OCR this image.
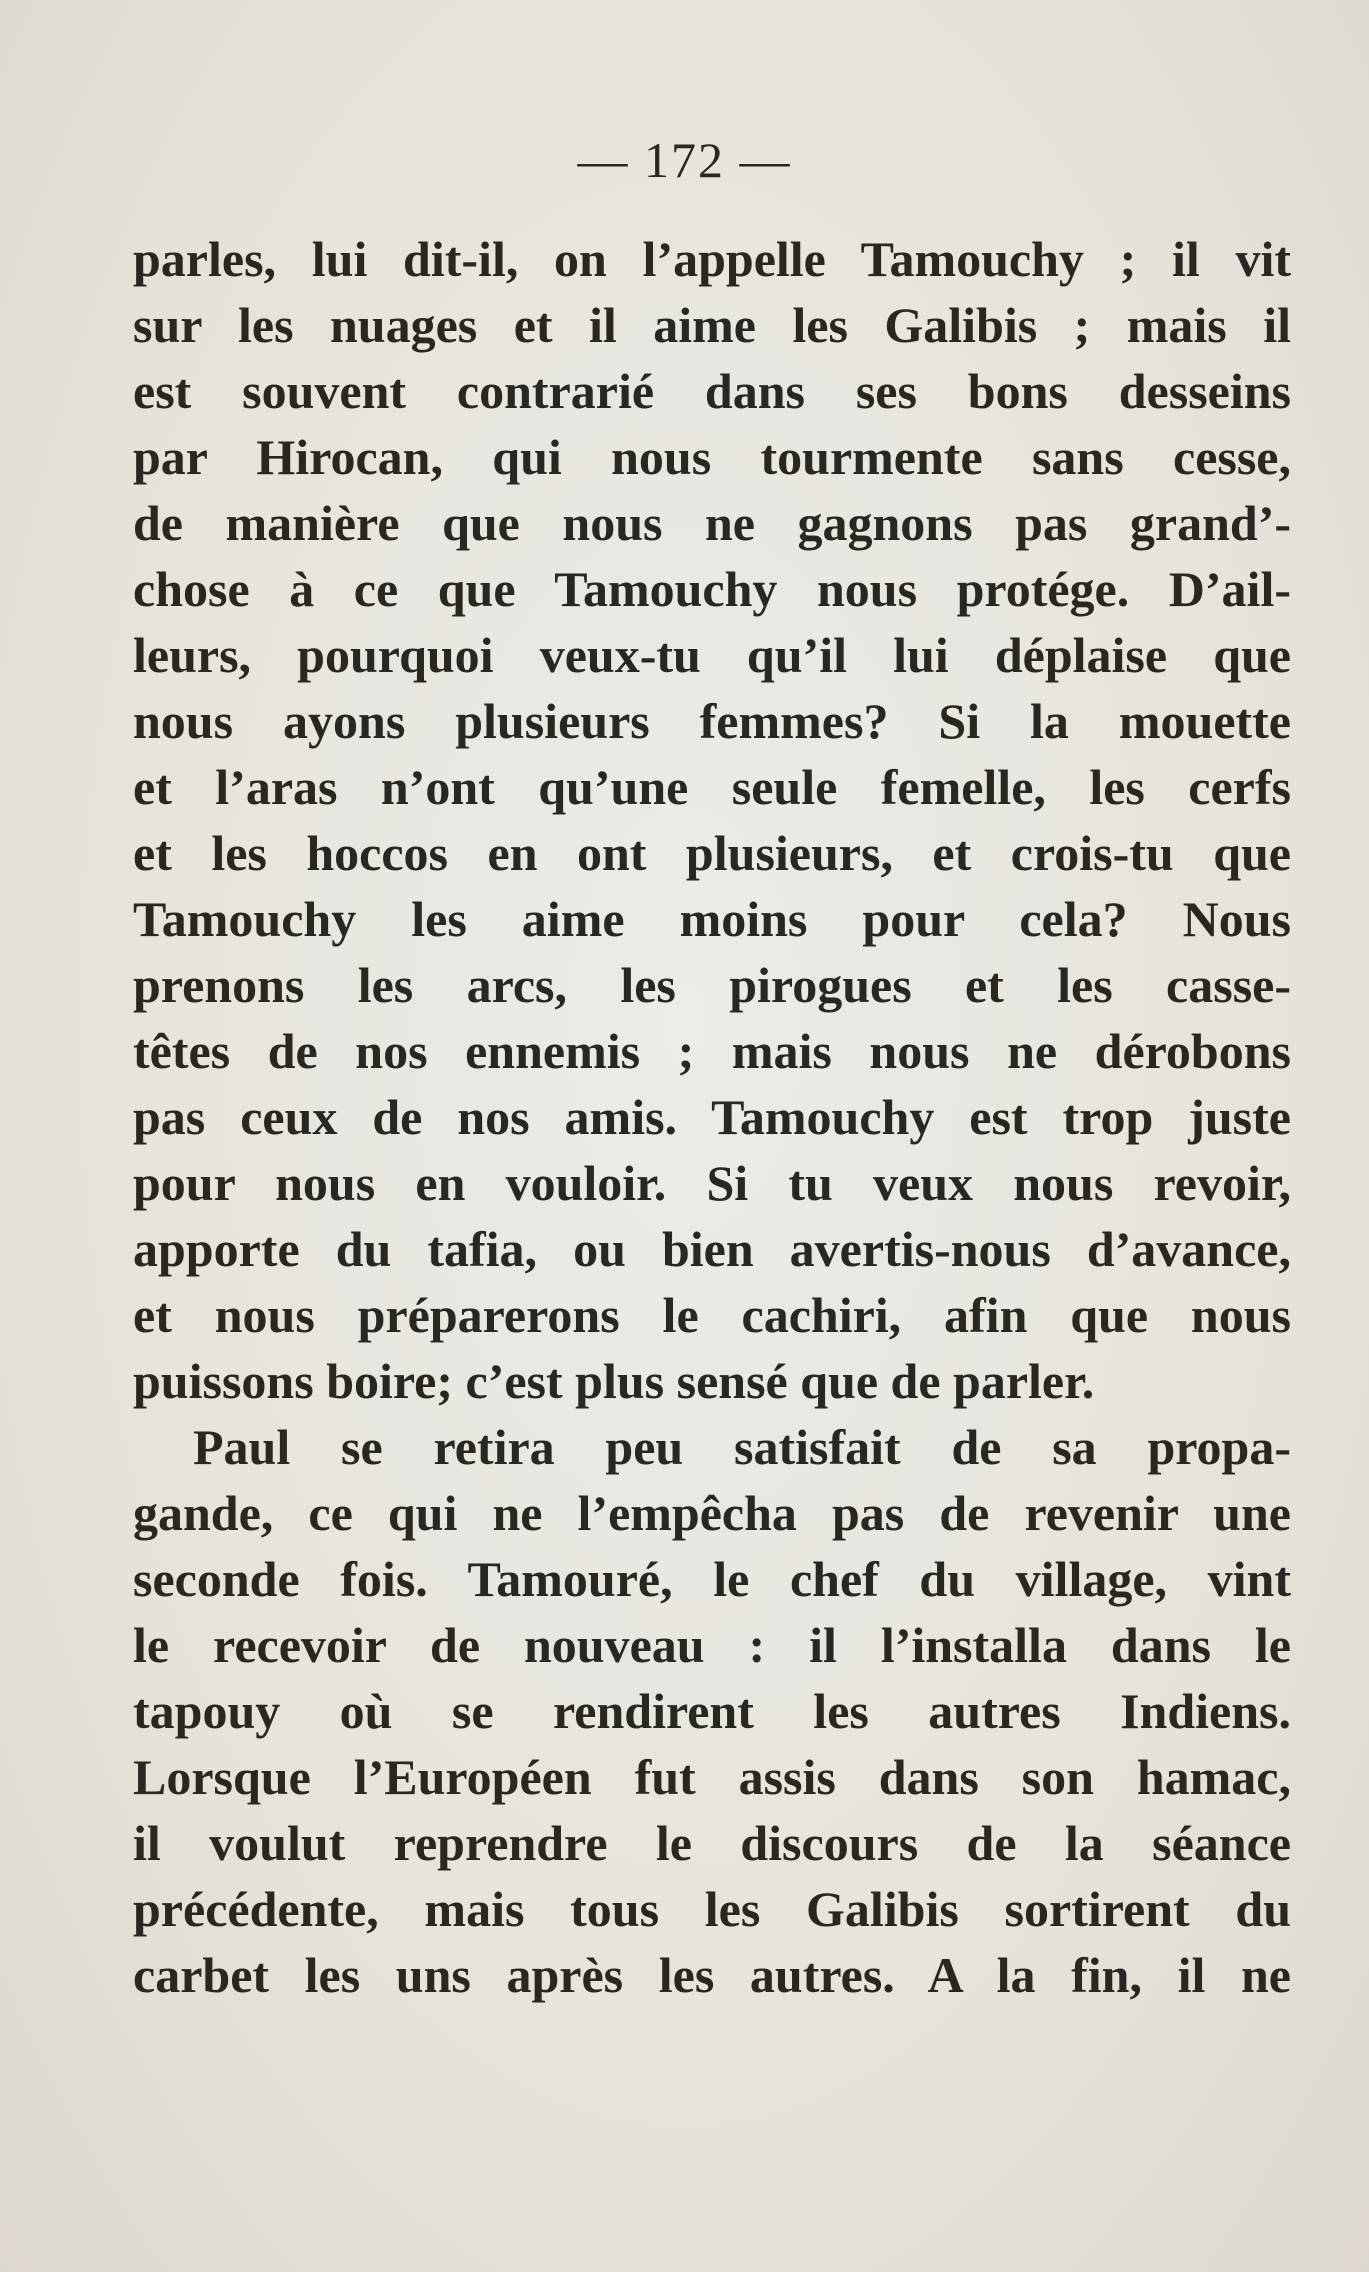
— 172 —
parles, lui dit-il, on l’appelle Tamouchy ; il vit
sur les nuages et il aime les Galibis ; mais il
est souvent contrarié dans ses bons desseins
par Hirocan, qui nous tourmente sans cesse,
de manière que nous ne gagnons pas grand’-
chose à ce que Tamouchy nous protége. D’ail-
leurs, pourquoi veux-tu qu’il lui déplaise que
nous ayons plusieurs femmes? Si la mouette
et l’aras n’ont qu’une seule femelle, les cerfs
et les hoccos en ont plusieurs, et crois-tu que
Tamouchy les aime moins pour cela? Nous
prenons les arcs, les pirogues et les casse-
têtes de nos ennemis ; mais nous ne dérobons
pas ceux de nos amis. Tamouchy est trop juste
pour nous en vouloir. Si tu veux nous revoir,
apporte du tafia, ou bien avertis-nous d’avance,
et nous préparerons le cachiri, afin que nous
puissons boire; c’est plus sensé que de parler.
Paul se retira peu satisfait de sa propa-
gande, ce qui ne l’empêcha pas de revenir une
seconde fois. Tamouré, le chef du village, vint
le recevoir de nouveau : il l’installa dans le
tapouy où se rendirent les autres Indiens.
Lorsque l’Européen fut assis dans son hamac,
il voulut reprendre le discours de la séance
précédente, mais tous les Galibis sortirent du
carbet les uns après les autres. A la fin, il ne
